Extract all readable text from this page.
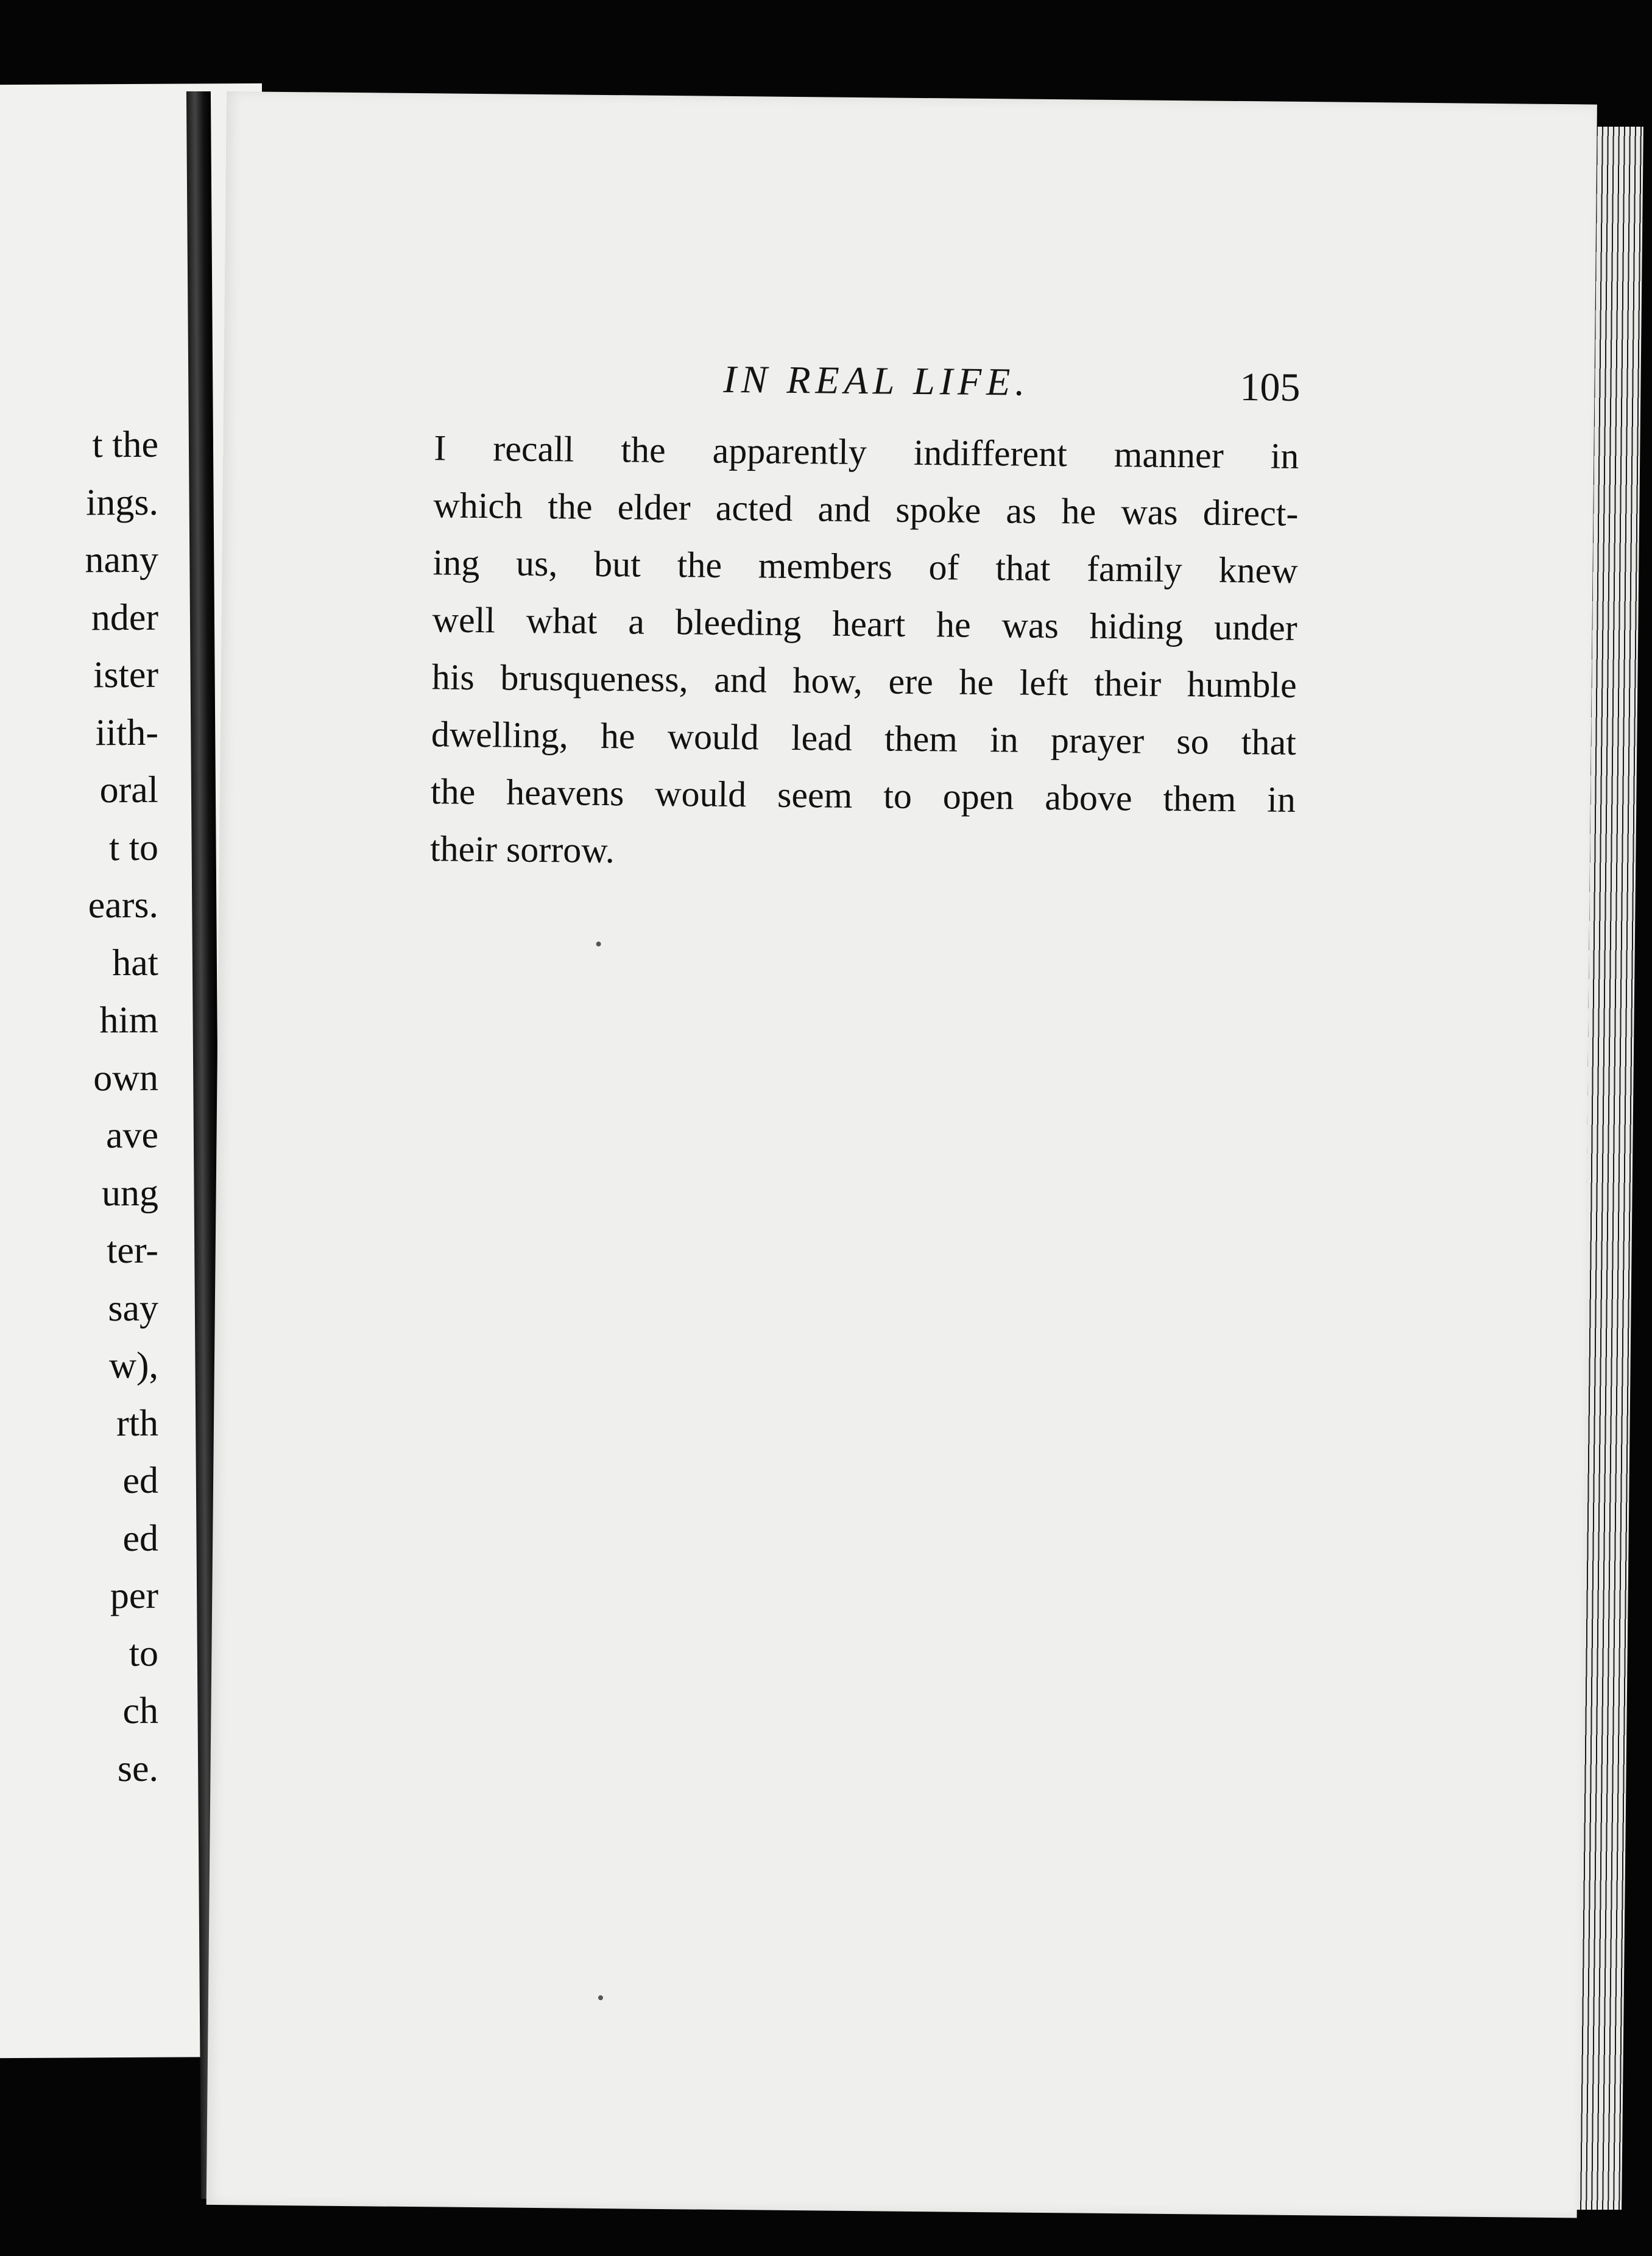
t the
ings.
nany
nder
ister
iith-
oral
t to
ears.
hat
him
own
ave
ung
ter-
say
w),
rth
ed
ed
per
to
ch
se.
IN REAL LIFE.	105
I recall the apparently indifferent manner in
which the elder acted and spoke as he was direct-
ing us, but the members of that family knew
well what a bleeding heart he was hiding under
his brusqueness, and how, ere he left their humble
dwelling, he would lead them in prayer so that
the heavens would seem to open above them in
their sorrow.
